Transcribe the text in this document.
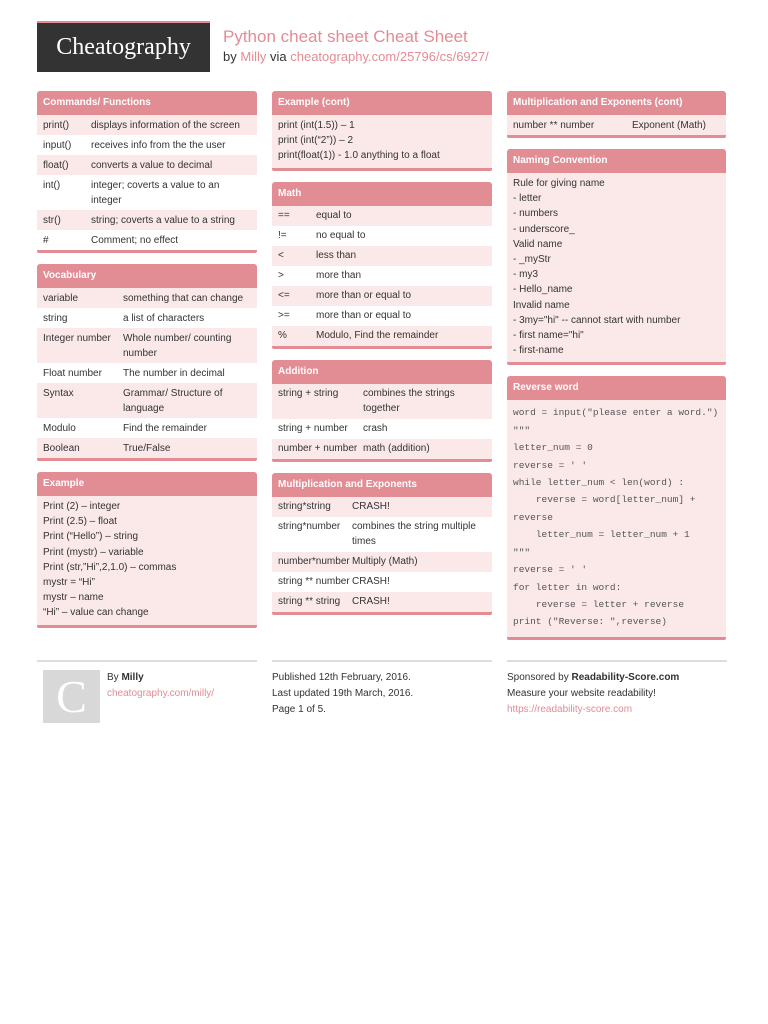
Cheatography	Python cheat sheet Cheat Sheet
by Milly via cheatography.com/25796/cs/6927/
Commands/ Functions
print()	displays information of the screen
input()	receives info from the the user
float()	converts a value to decimal
int()	integer; coverts a value to an integer
str()	string; coverts a value to a string
#	Comment; no effect
Vocabulary
variable	something that can change
string	a list of characters
Integer number	Whole number/ counting number
Float number	The number in decimal
Syntax	Grammar/ Structure of language
Modulo	Find the remainder
Boolean	True/False
Example
Print (2) – integer
Print (2.5) – float
Print (“Hello”) – string
Print (mystr) – variable
Print (str,”Hi”,2,1.0) – commas
mystr = “Hi”
mystr – name
“Hi” – value can change
Example (cont)
print (int(1.5)) – 1
print (int(“2”)) – 2
print(float(1)) - 1.0 anything to a float
Math
==	equal to
!=	no equal to
<	less than
>	more than
<=	more than or equal to
>=	more than or equal to
%	Modulo, Find the remainder
Addition
string + string	combines the strings together
string + number	crash
number + number math (addition)
Multiplication and Exponents
string*string	CRASH!
string*number	combines the string multiple times
number*number Multiply (Math)
string ** number CRASH!
string ** string	CRASH!
Multiplication and Exponents (cont)
number ** number	Exponent (Math)
Naming Convention
Rule for giving name
- letter
- numbers
- underscore_
Valid name
- _myStr
- my3
- Hello_name
Invalid name
- 3my="hi" -- cannot start with number
- first name="hi"
- first-name
Reverse word
word = input("please enter a word.")
"""
letter_num = 0
reverse = ' '
while letter_num < len(word) :
reverse = word[letter_num] + reverse
letter_num = letter_num + 1
"""
reverse = ' '
for letter in word:
reverse = letter + reverse
print ("Reverse: ",reverse)
C	By Milly
cheatography.com/milly/
Published 12th February, 2016.
Last updated 19th March, 2016.
Page 1 of 5.
Sponsored by Readability-Score.com
Measure your website readability!
https://readability-score.com
